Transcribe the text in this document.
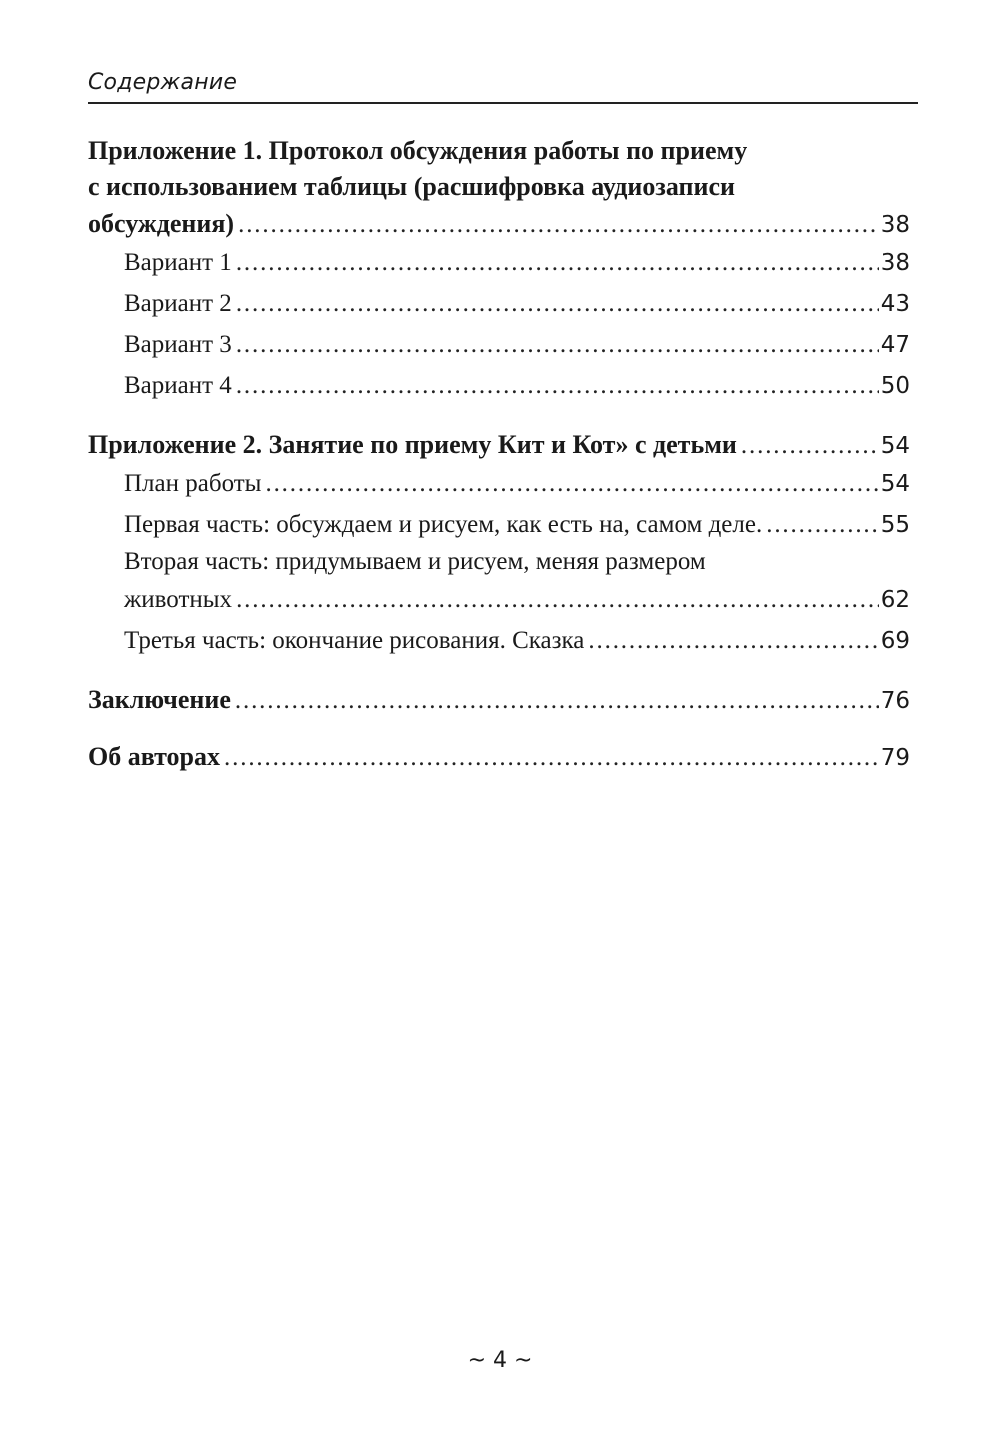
Содержание
Приложение 1. Протокол обсуждения работы по приему
с использованием таблицы (расшифровка аудиозаписи
обсуждения) . . .	38
Вариант 1 . . .	38
Вариант 2 . . .	43
Вариант 3 . . .	47
Вариант 4 . . .	50
Приложение 2. Занятие по приему Кит и Кот» с детьми . . .	54
План работы . . .	54
Первая часть: обсуждаем и рисуем, как есть на, самом деле. . . .	55
Вторая часть: придумываем и рисуем, меняя размером
животных . . .	62
Третья часть: окончание рисования. Сказка . . .	69
Заключение . . .	76
Об авторах . . .	79
~ 4 ~
